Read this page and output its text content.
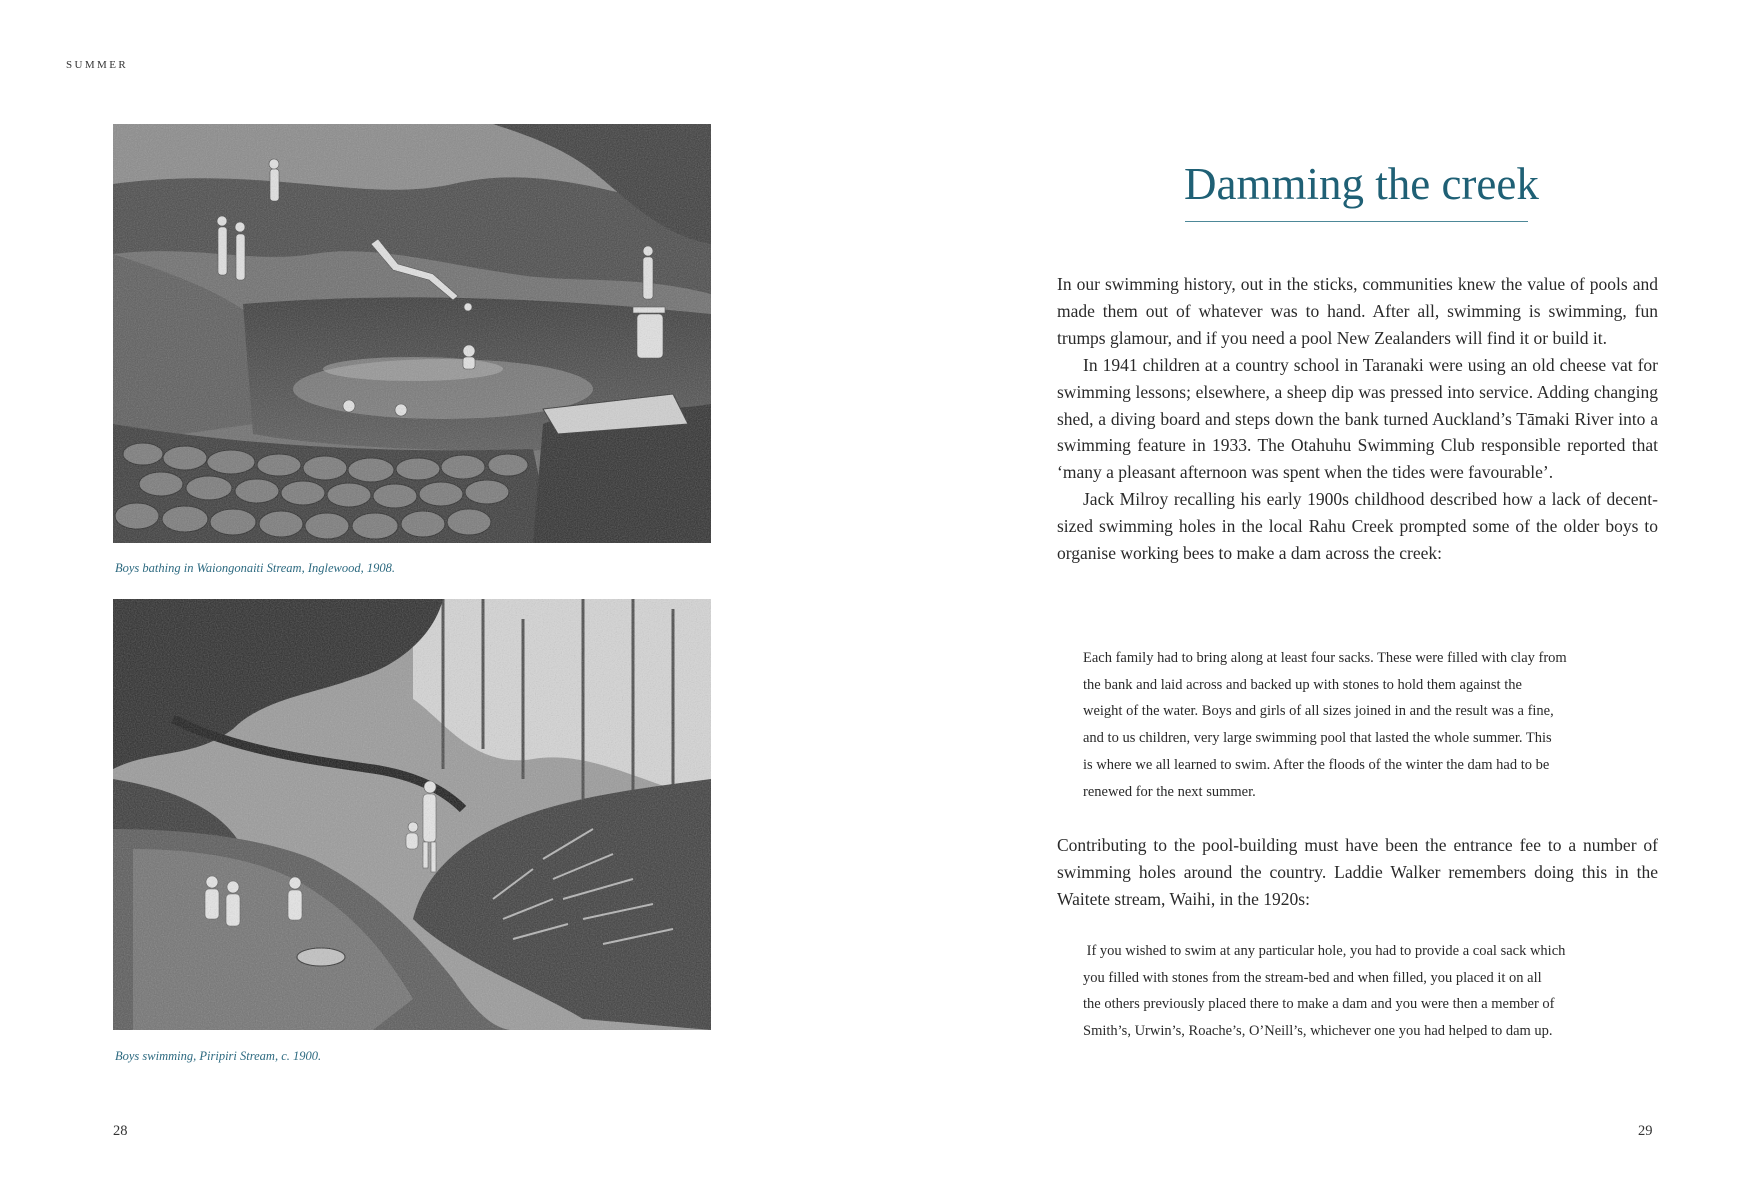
SUMMER
Boys bathing in Waiongonaiti Stream, Inglewood, 1908.
Boys swimming, Piripiri Stream, c. 1900.
28
Damming the creek

In our swimming history, out in the sticks, communities knew the value of pools and made them out of whatever was to hand. After all, swimming is swimming, fun trumps glamour, and if you need a pool New Zealanders will find it or build it.

In 1941 children at a country school in Taranaki were using an old cheese vat for swimming lessons; elsewhere, a sheep dip was pressed into service. Adding changing shed, a diving board and steps down the bank turned Auckland’s Tāmaki River into a swimming feature in 1933. The Otahuhu Swimming Club responsible reported that ‘many a pleasant afternoon was spent when the tides were favourable’.

Jack Milroy recalling his early 1900s childhood described how a lack of decent-sized swimming holes in the local Rahu Creek prompted some of the older boys to organise working bees to make a dam across the creek:

Each family had to bring along at least four sacks. These were filled with clay from
the bank and laid across and backed up with stones to hold them against the
weight of the water. Boys and girls of all sizes joined in and the result was a fine,
and to us children, very large swimming pool that lasted the whole summer. This
is where we all learned to swim. After the floods of the winter the dam had to be
renewed for the next summer.

Contributing to the pool-building must have been the entrance fee to a number of swimming holes around the country. Laddie Walker remembers doing this in the Waitete stream, Waihi, in the 1920s:

If you wished to swim at any particular hole, you had to provide a coal sack which
you filled with stones from the stream-bed and when filled, you placed it on all
the others previously placed there to make a dam and you were then a member of
Smith’s, Urwin’s, Roache’s, O’Neill’s, whichever one you had helped to dam up.
29
